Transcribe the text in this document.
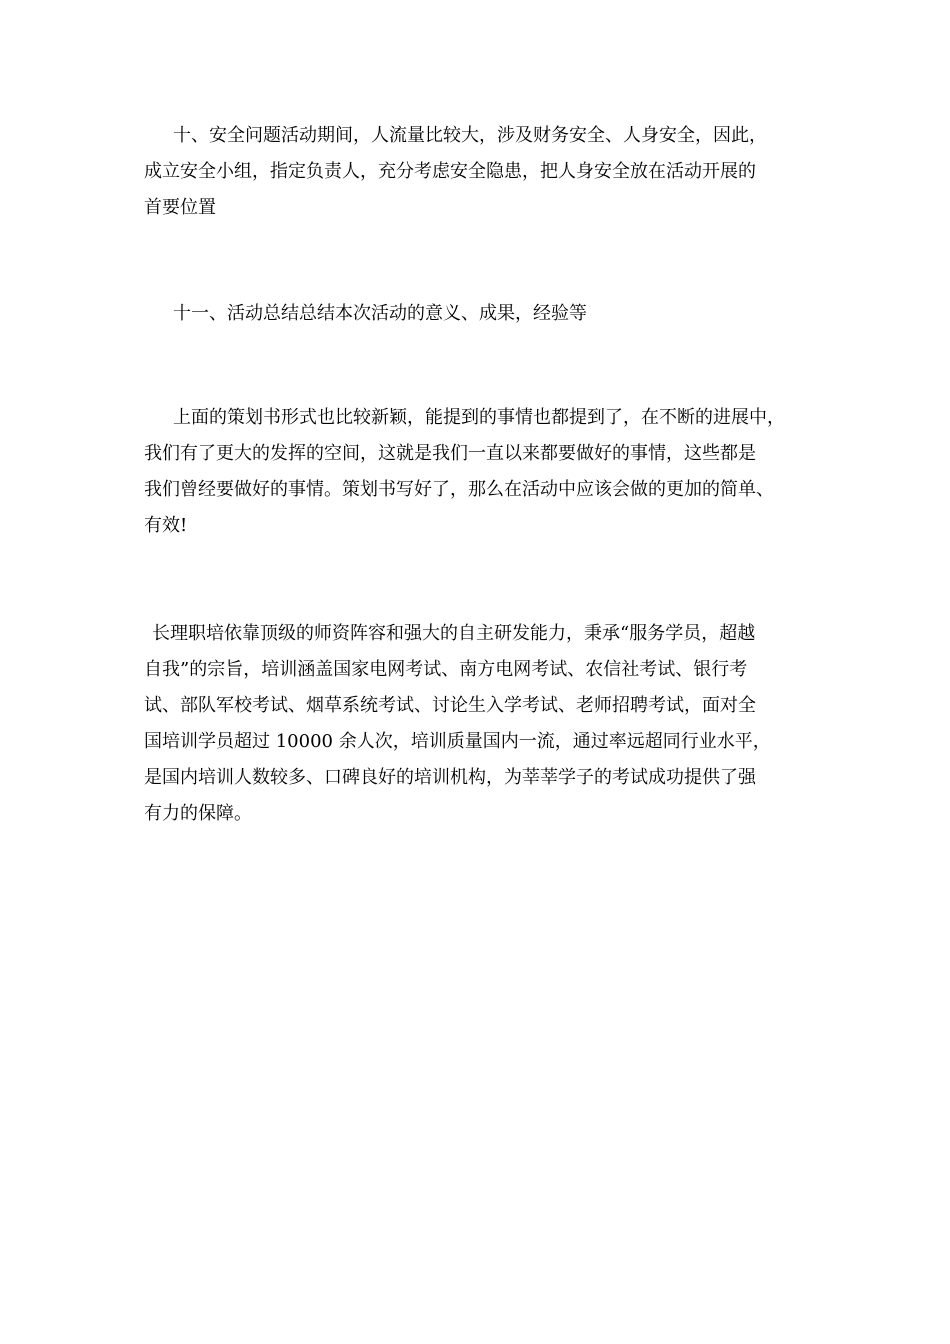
十、安全问题活动期间，人流量比较大，涉及财务安全、人身安全，因此，
成立安全小组，指定负责人，充分考虑安全隐患，把人身安全放在活动开展的
首要位置
十一、活动总结总结本次活动的意义、成果，经验等
上面的策划书形式也比较新颖，能提到的事情也都提到了，在不断的进展中，
我们有了更大的发挥的空间，这就是我们一直以来都要做好的事情，这些都是
我们曾经要做好的事情。策划书写好了，那么在活动中应该会做的更加的简单、
有效!
长理职培依靠顶级的师资阵容和强大的自主研发能力，秉承“服务学员，超越
自我”的宗旨，培训涵盖国家电网考试、南方电网考试、农信社考试、银行考
试、部队军校考试、烟草系统考试、讨论生入学考试、老师招聘考试，面对全
国培训学员超过 10000 余人次，培训质量国内一流，通过率远超同行业水平，
是国内培训人数较多、口碑良好的培训机构，为莘莘学子的考试成功提供了强
有力的保障。
